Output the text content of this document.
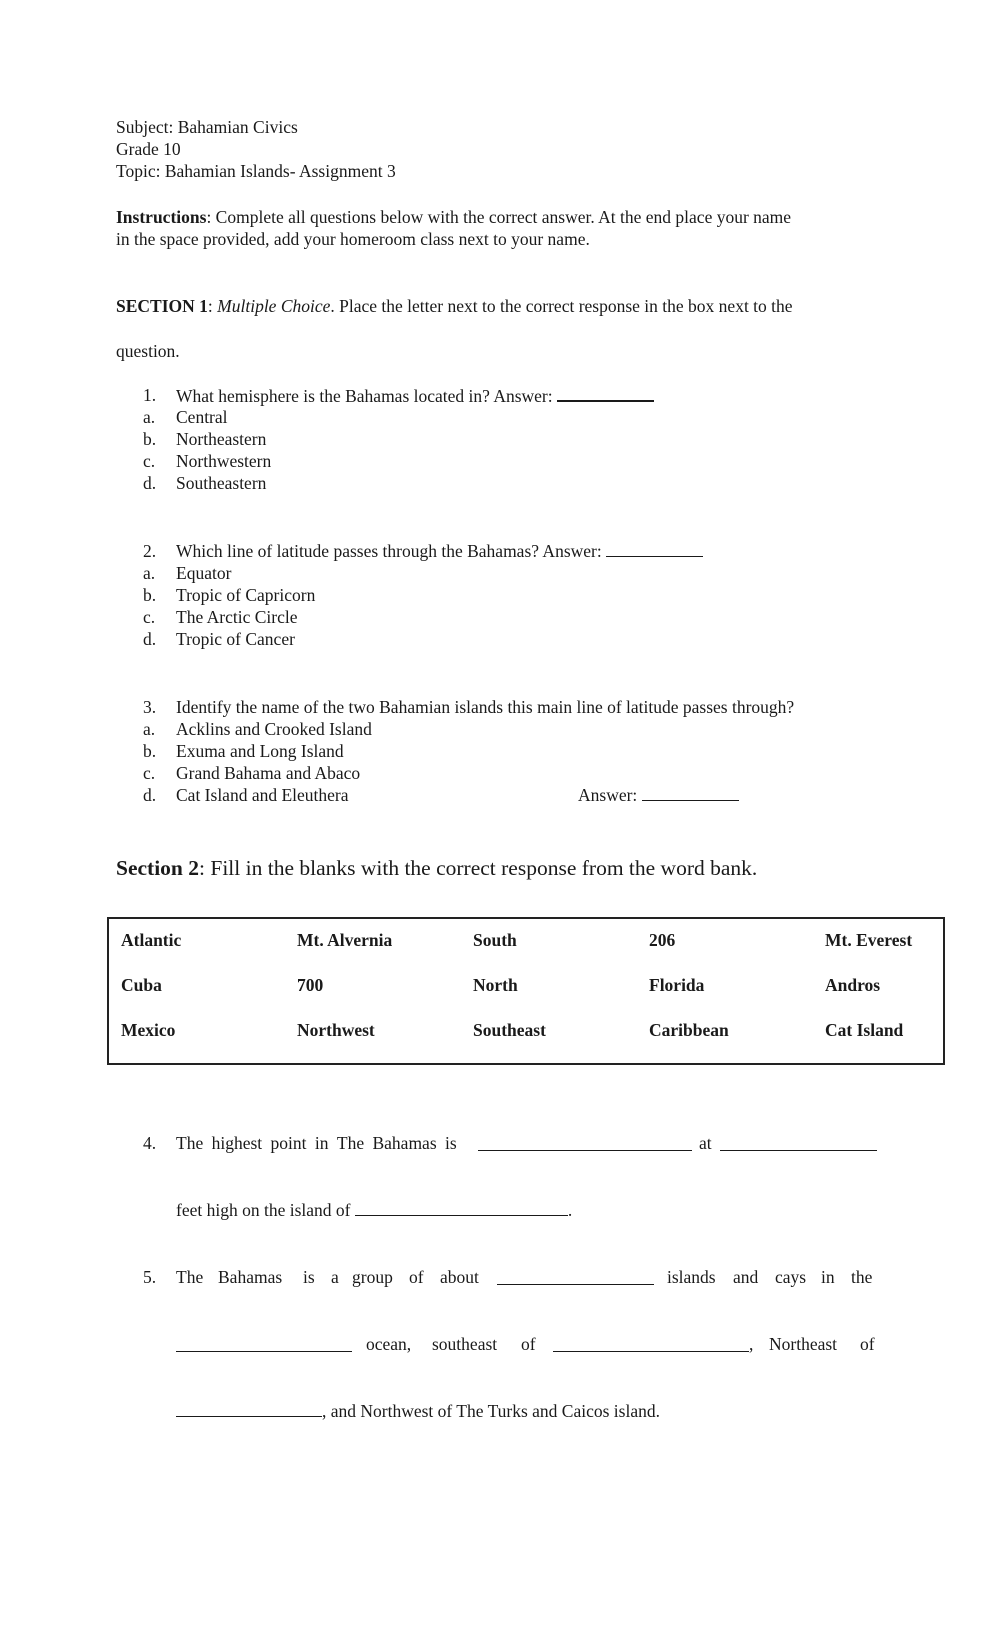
Subject: Bahamian Civics
Grade 10
Topic: Bahamian Islands- Assignment 3
Instructions: Complete all questions below with the correct answer. At the end place your name
in the space provided, add your homeroom class next to your name.
SECTION 1: Multiple Choice. Place the letter next to the correct response in the box next to the
question.
1. What hemisphere is the Bahamas located in? Answer:
a. Central
b. Northeastern
c. Northwestern
d. Southeastern
2. Which line of latitude passes through the Bahamas? Answer:
a. Equator
b. Tropic of Capricorn
c. The Arctic Circle
d. Tropic of Cancer
3. Identify the name of the two Bahamian islands this main line of latitude passes through?
a. Acklins and Crooked Island
b. Exuma and Long Island
c. Grand Bahama and Abaco
d. Cat Island and Eleuthera	Answer:
Section 2: Fill in the blanks with the correct response from the word bank.
Atlantic	Mt. Alvernia	South	206	Mt. Everest
Cuba	700	North	Florida	Andros
Mexico	Northwest	Southeast	Caribbean	Cat Island
4. The highest point in The Bahamas is	at
feet high on the island of	.
5. The Bahamas is a group of about	islands and cays in the
ocean, southeast of	, Northeast of
, and Northwest of The Turks and Caicos island.
